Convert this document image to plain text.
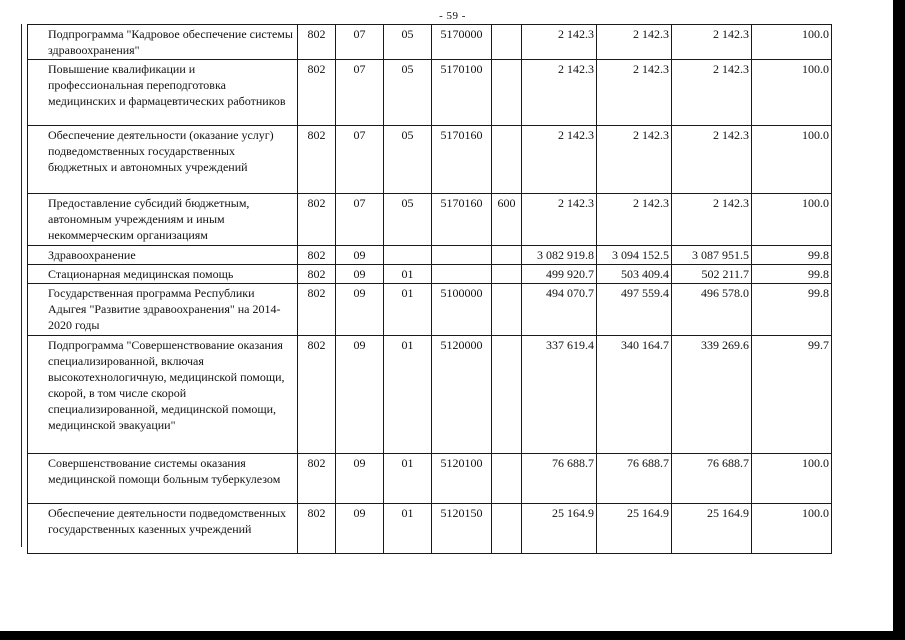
- 59 -
Подпрограмма "Кадровое обеспечение системы здравоохранения"	802	07	05	5170000		2 142.3	2 142.3	2 142.3	100.0
Повышение квалификации и профессиональная переподготовка медицинских и фармацевтических работников	802	07	05	5170100		2 142.3	2 142.3	2 142.3	100.0
Обеспечение деятельности (оказание услуг) подведомственных государственных бюджетных и автономных учреждений	802	07	05	5170160		2 142.3	2 142.3	2 142.3	100.0
Предоставление субсидий бюджетным, автономным учреждениям и иным некоммерческим организациям	802	07	05	5170160	600	2 142.3	2 142.3	2 142.3	100.0
Здравоохранение	802	09				3 082 919.8	3 094 152.5	3 087 951.5	99.8
Стационарная медицинская помощь	802	09	01			499 920.7	503 409.4	502 211.7	99.8
Государственная программа Республики Адыгея "Развитие здравоохранения" на 2014-2020 годы	802	09	01	5100000		494 070.7	497 559.4	496 578.0	99.8
Подпрограмма "Совершенствование оказания специализированной, включая высокотехнологичную, медицинской помощи, скорой, в том числе скорой специализированной, медицинской помощи, медицинской эвакуации"	802	09	01	5120000		337 619.4	340 164.7	339 269.6	99.7
Совершенствование системы оказания медицинской помощи больным туберкулезом	802	09	01	5120100		76 688.7	76 688.7	76 688.7	100.0
Обеспечение деятельности подведомственных государственных казенных учреждений	802	09	01	5120150		25 164.9	25 164.9	25 164.9	100.0
